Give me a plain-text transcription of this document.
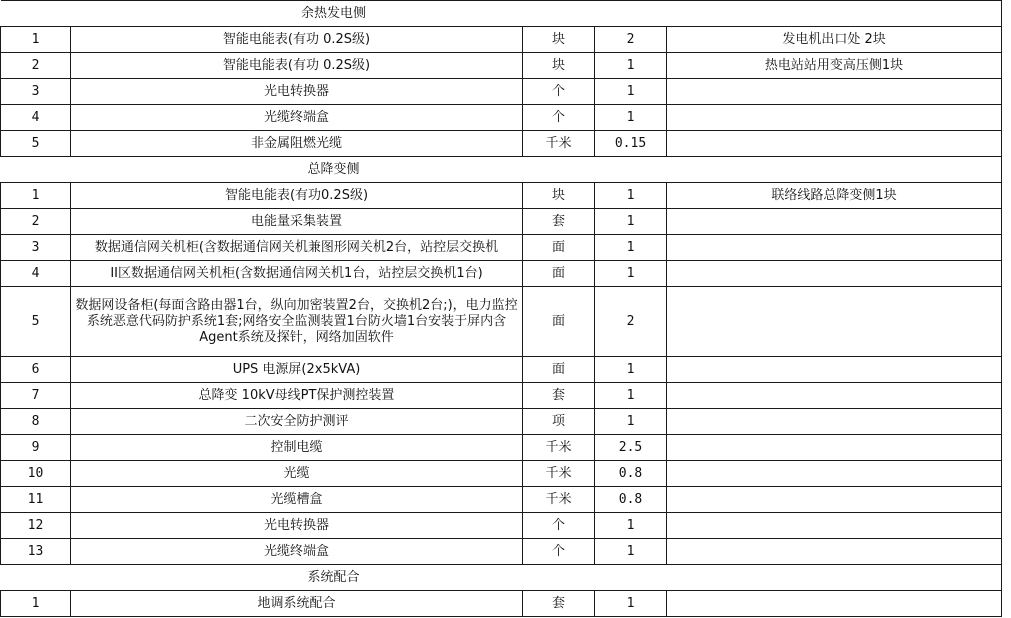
余热发电侧				
1	智能电能表(有功 0.2S级)	块	2	发电机出口处 2块
2	智能电能表(有功 0.2S级)	块	1	热电站站用变高压侧1块
3	光电转换器	个	1	
4	光缆终端盒	个	1	
5	非金属阻燃光缆	千米	0.15	
总降变侧				
1	智能电能表(有功0.2S级)	块	1	联络线路总降变侧1块
2	电能量采集装置	套	1	
3	数据通信网关机柜(含数据通信网关机兼图形网关机2台，站控层交换机	面	1	
4	II区数据通信网关机柜(含数据通信网关机1台，站控层交换机1台)	面	1	
5	数据网设备柜(每面含路由器1台，纵向加密装置2台，交换机2台;)，电力监控系统恶意代码防护系统1套;网络安全监测装置1台防火墙1台安装于屏内含Agent系统及探针，网络加固软件	面	2	
6	UPS 电源屏(2x5kVA)	面	1	
7	总降变 10kV母线PT保护测控装置	套	1	
8	二次安全防护测评	项	1	
9	控制电缆	千米	2.5	
10	光缆	千米	0.8	
11	光缆槽盒	千米	0.8	
12	光电转换器	个	1	
13	光缆终端盒	个	1	
系统配合				
1	地调系统配合	套	1	
